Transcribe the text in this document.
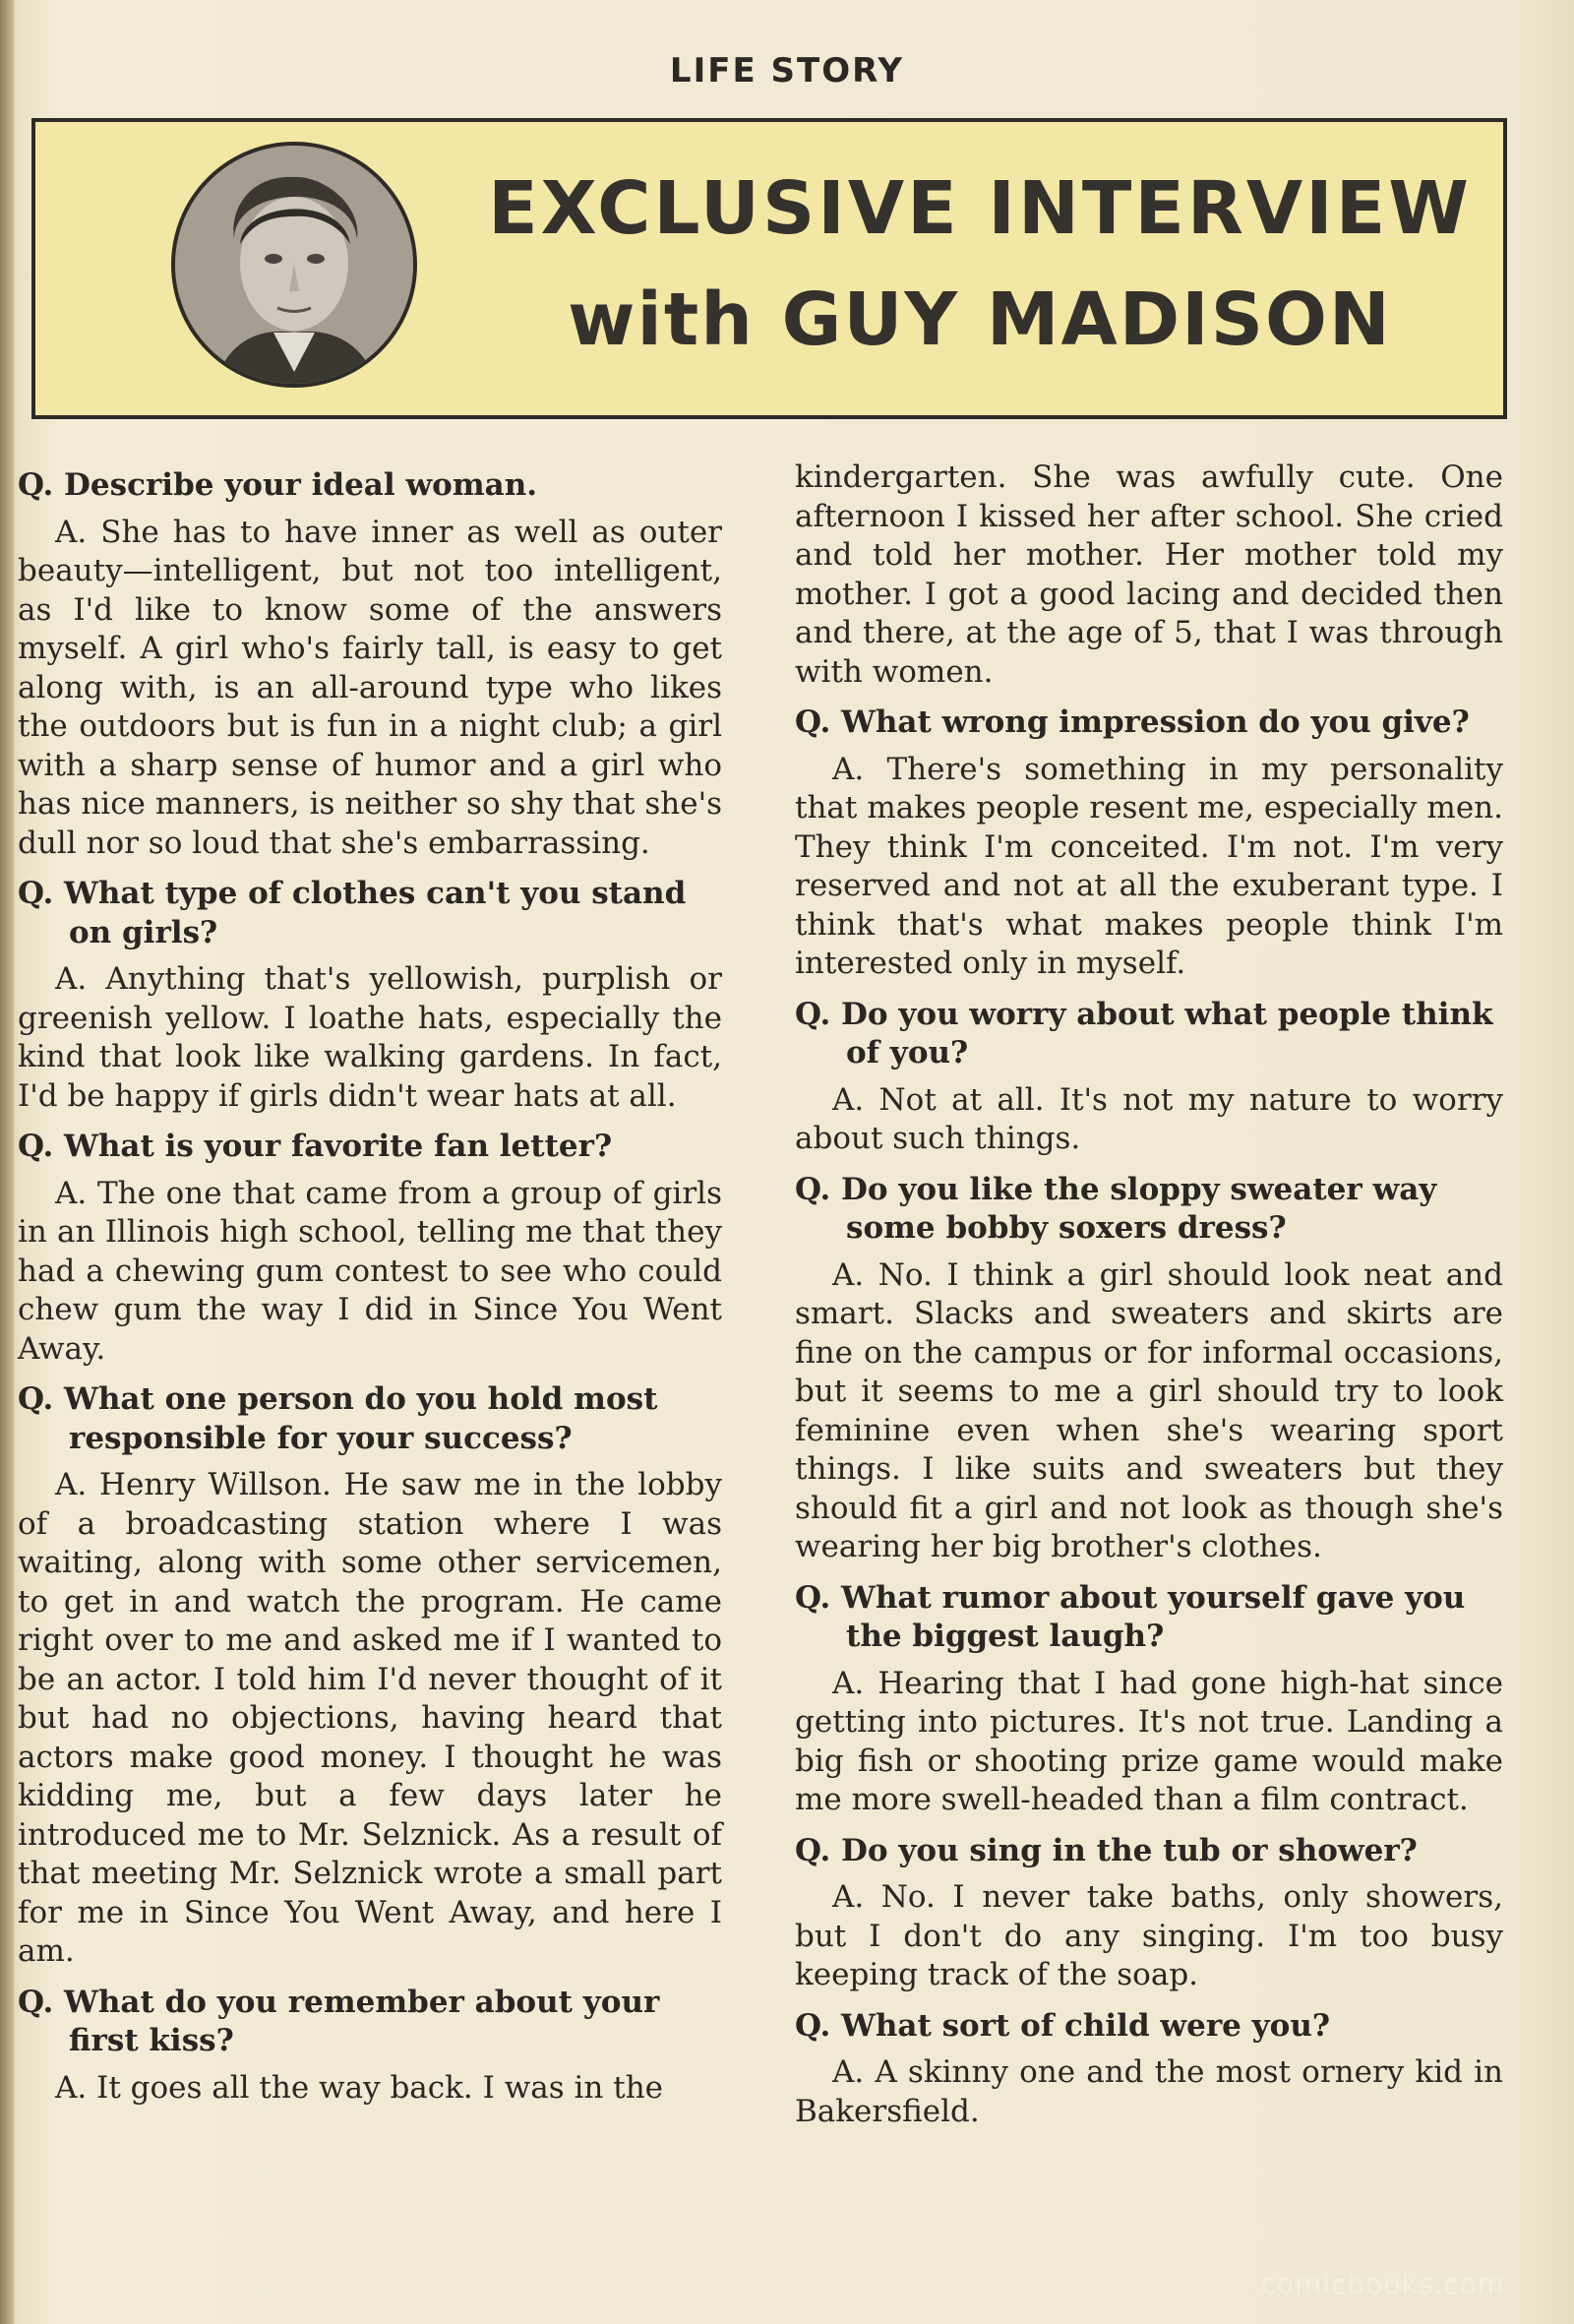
LIFE STORY
EXCLUSIVE INTERVIEW
with GUY MADISON

Q. Describe your ideal woman.

A. She has to have inner as well as outer beauty—intelligent, but not too intelligent, as I'd like to know some of the answers myself. A girl who's fairly tall, is easy to get along with, is an all-around type who likes the outdoors but is fun in a night club; a girl with a sharp sense of humor and a girl who has nice manners, is neither so shy that she's dull nor so loud that she's embarrassing.

Q. What type of clothes can't you stand on girls?

A. Anything that's yellowish, purplish or greenish yellow. I loathe hats, especially the kind that look like walking gardens. In fact, I'd be happy if girls didn't wear hats at all.

Q. What is your favorite fan letter?

A. The one that came from a group of girls in an Illinois high school, telling me that they had a chewing gum contest to see who could chew gum the way I did in Since You Went Away.

Q. What one person do you hold most responsible for your success?

A. Henry Willson. He saw me in the lobby of a broadcasting station where I was waiting, along with some other servicemen, to get in and watch the program. He came right over to me and asked me if I wanted to be an actor. I told him I'd never thought of it but had no objections, having heard that actors make good money. I thought he was kidding me, but a few days later he introduced me to Mr. Selznick. As a result of that meeting Mr. Selznick wrote a small part for me in Since You Went Away, and here I am.

Q. What do you remember about your first kiss?

A. It goes all the way back. I was in the

kindergarten. She was awfully cute. One afternoon I kissed her after school. She cried and told her mother. Her mother told my mother. I got a good lacing and decided then and there, at the age of 5, that I was through with women.

Q. What wrong impression do you give?

A. There's something in my personality that makes people resent me, especially men. They think I'm conceited. I'm not. I'm very reserved and not at all the exuberant type. I think that's what makes people think I'm interested only in myself.

Q. Do you worry about what people think of you?

A. Not at all. It's not my nature to worry about such things.

Q. Do you like the sloppy sweater way some bobby soxers dress?

A. No. I think a girl should look neat and smart. Slacks and sweaters and skirts are fine on the campus or for informal occasions, but it seems to me a girl should try to look feminine even when she's wearing sport things. I like suits and sweaters but they should fit a girl and not look as though she's wearing her big brother's clothes.

Q. What rumor about yourself gave you the biggest laugh?

A. Hearing that I had gone high-hat since getting into pictures. It's not true. Landing a big fish or shooting prize game would make me more swell-headed than a film contract.

Q. Do you sing in the tub or shower?

A. No. I never take baths, only showers, but I don't do any singing. I'm too busy keeping track of the soap.

Q. What sort of child were you?

A. A skinny one and the most ornery kid in Bakersfield.

comicbooks.com
